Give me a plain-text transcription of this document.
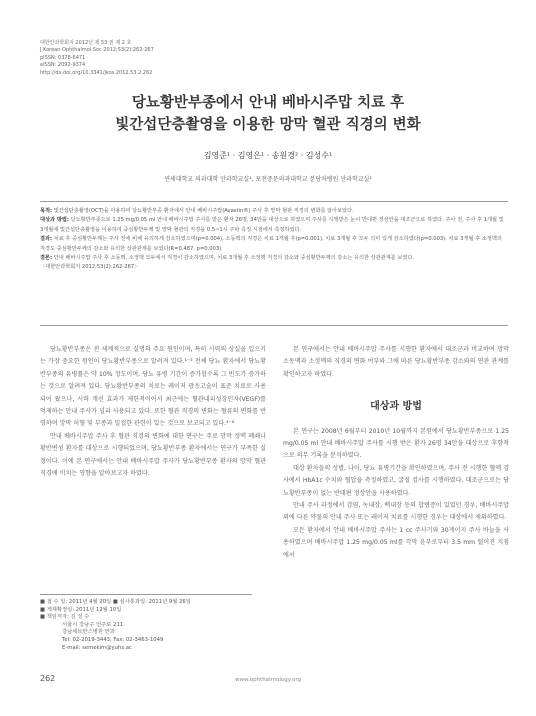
대한안과학회지 2012년 제 53 권 제 2 호
J Korean Ophthalmol Soc 2012;53(2):262-267
pISSN: 0378-6471
eISSN: 2092-9374
http://dx.doi.org/10.3341/jkos.2012.53.2.262
당뇨황반부종에서 안내 베바시주맙 치료 후
빛간섭단층촬영을 이용한 망막 혈관 직경의 변화
김영준¹ · 김영은¹ · 송원경² · 김성수¹
연세대학교 의과대학 안과학교실¹, 포천중문의과대학교 분당차병원 안과학교실²

목적: 빛간섭단층촬영(OCT)을 이용하여 당뇨황반부종 환자에서 안내 베바시주맙(Avastin®) 주사 후 망막 혈관 직경의 변화를 알아보았다.

대상과 방법: 당뇨황반부종으로 1.25 mg/0.05 ml 안내 베바시주맙 주사를 받은 환자 26명, 34안을 대상으로 하였으며 주사를 시행받은 눈이 반대편 정상안을 대조군으로 하였다. 주사 전, 주사 후 1개월 및 3개월에 빛간섭단층촬영을 이용하여 중심황반두께 및 망막 혈관의 직경을 0.5~1시 주파 측정 시점에서 측정하였다.

결과: 치료 후 중심황반두께는 주사 전에 비해 유의하게 감소하였으며(p=0.004), 소동맥의 직경은 치료 1개월 후(p=0.001), 치료 3개월 후 모두 의미 있게 감소하였다(p=0.003). 치료 3개월 후 소정맥의 직경도 중심황반두께의 감소와 유의한 상관관계를 보였다(R=0.487, p=0.003).

결론: 안내 베바시주맙 주사 후 소동맥, 소정맥 모두에서 직경이 감소하였으며, 치료 3개월 후 소정맥 직경의 감소와 중심황반두께의 감소는 유의한 상관관계를 보였다.

〈대한안과학회지 2012;53(2):262-267〉

당뇨황반부종은 전 세계적으로 실명의 주요 원인이며, 특히 시력의 상실을 일으키는 가장 중요한 원인이 당뇨황반부종으로 알려져 있다.¹⁻³ 전체 당뇨 환자에서 당뇨황반부종의 유병률은 약 10% 정도이며, 당뇨 유병 기간이 증가할수록 그 빈도가 증가하는 것으로 알려져 있다. 당뇨황반부종의 치료는 레이저 광응고술이 표준 치료로 사용되어 왔으나, 시력 개선 효과가 제한적이어서 최근에는 혈관내피성장인자(VEGF)를 억제하는 안내 주사가 널리 사용되고 있다. 또한 혈관 직경의 변화는 혈류의 변화를 반영하며 망막 허혈 및 부종과 밀접한 관련이 있는 것으로 보고되고 있다.⁴⁻⁶

안내 베바시주맙 주사 후 혈관 직경의 변화에 대한 연구는 주로 망막 정맥 폐쇄나 황반변성 환자를 대상으로 시행되었으며, 당뇨황반부종 환자에서는 연구가 부족한 실정이다. 이에 본 연구에서는 안내 베바시주맙 주사가 당뇨황반부종 환자의 망막 혈관 직경에 미치는 영향을 알아보고자 하였다.

본 연구에서는 안내 베바시주맙 주사를 시행한 환자에서 대조군과 비교하여 망막 소동맥과 소정맥의 직경의 변화 여부와 그에 따른 당뇨황반부종 감소와의 연관 관계를 확인하고자 하였다.

대상과 방법

본 연구는 2008년 6월부터 2010년 10월까지 본원에서 당뇨황반부종으로 1.25 mg/0.05 ml 안내 베바시주맙 주사를 시행 받은 환자 26명 34안을 대상으로 후향적으로 의무 기록을 분석하였다.

대상 환자들의 성별, 나이, 당뇨 유병기간을 확인하였으며, 주사 전 시행한 혈액 검사에서 HbA1c 수치와 혈압을 측정하였고, 굴절 검사를 시행하였다. 대조군으로는 당뇨황반부종이 없는 반대편 정상안을 사용하였다.

안내 주사 과정에서 감염, 녹내장, 백내장 등의 합병증이 있었던 경우, 베바시주맙 외에 다른 약물의 안내 주사 또는 레이저 치료를 시행한 경우는 대상에서 제외하였다.

모든 환자에서 안내 베바시주맙 주사는 1 cc 주사기와 30게이지 주사 바늘을 사용하였으며 베바시주맙 1.25 mg/0.05 ml를 각막 윤부로부터 3.5 mm 떨어진 지점에서

■ 접 수 일: 2011년 4월 20일 ■ 심사통과일: 2011년 9월 26일
■ 게재확정일: 2011년 12월 10일
■ 책임저자: 김 성 수
서울시 강남구 언주로 211
강남세브란스병원 안과
Tel: 02-2019-3443, Fax: 02-3463-1049
E-mail: semekim@yuhs.ac
262	www.ophthalmology.org
